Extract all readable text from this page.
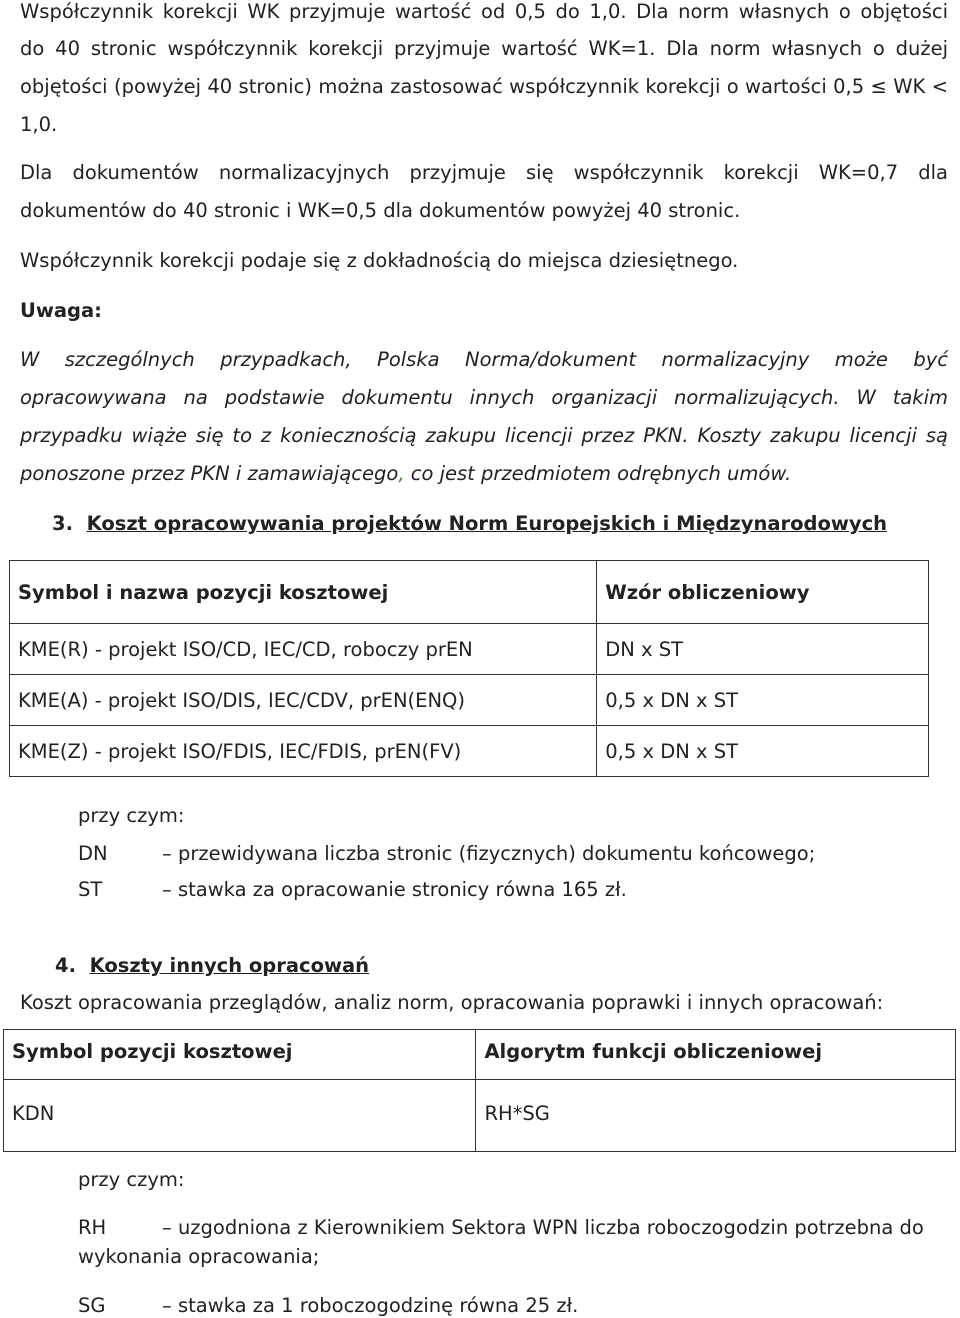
Współczynnik korekcji WK przyjmuje wartość od 0,5 do 1,0. Dla norm własnych o objętości
do 40 stronic współczynnik korekcji przyjmuje wartość WK=1. Dla norm własnych o dużej
objętości (powyżej 40 stronic) można zastosować współczynnik korekcji o wartości 0,5 ≤ WK <
1,0.
Dla dokumentów normalizacyjnych przyjmuje się współczynnik korekcji WK=0,7 dla
dokumentów do 40 stronic i WK=0,5 dla dokumentów powyżej 40 stronic.
Współczynnik korekcji podaje się z dokładnością do miejsca dziesiętnego.
Uwaga:
W szczególnych przypadkach, Polska Norma/dokument normalizacyjny może być
opracowywana na podstawie dokumentu innych organizacji normalizujących. W takim
przypadku wiąże się to z koniecznością zakupu licencji przez PKN. Koszty zakupu licencji są
ponoszone przez PKN i zamawiającego, co jest przedmiotem odrębnych umów.
3. Koszt opracowywania projektów Norm Europejskich i Międzynarodowych
Symbol i nazwa pozycji kosztowej	Wzór obliczeniowy
KME(R) - projekt ISO/CD, IEC/CD, roboczy prEN	DN x ST
KME(A) - projekt ISO/DIS, IEC/CDV, prEN(ENQ)	0,5 x DN x ST
KME(Z) - projekt ISO/FDIS, IEC/FDIS, prEN(FV)	0,5 x DN x ST
przy czym:
DN	– przewidywana liczba stronic (fizycznych) dokumentu końcowego;
ST	– stawka za opracowanie stronicy równa 165 zł.
4. Koszty innych opracowań
Koszt opracowania przeglądów, analiz norm, opracowania poprawki i innych opracowań:
Symbol pozycji kosztowej	Algorytm funkcji obliczeniowej
KDN	RH*SG
przy czym:
RH	– uzgodniona z Kierownikiem Sektora WPN liczba roboczogodzin potrzebna do
wykonania opracowania;
SG	– stawka za 1 roboczogodzinę równa 25 zł.
